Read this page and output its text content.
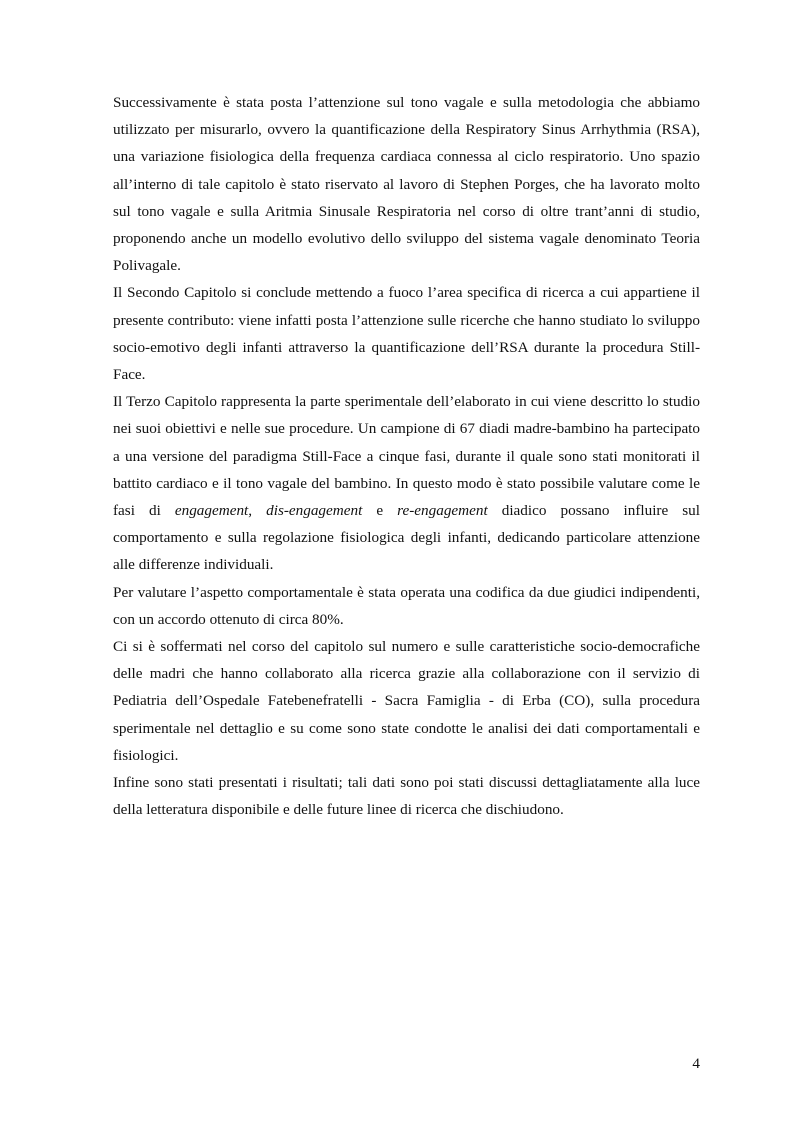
Successivamente è stata posta l’attenzione sul tono vagale e sulla metodologia che abbiamo utilizzato per misurarlo, ovvero la quantificazione della Respiratory Sinus Arrhythmia (RSA), una variazione fisiologica della frequenza cardiaca connessa al ciclo respiratorio. Uno spazio all’interno di tale capitolo è stato riservato al lavoro di Stephen Porges, che ha lavorato molto sul tono vagale e sulla Aritmia Sinusale Respiratoria nel corso di oltre trant’anni di studio, proponendo anche un modello evolutivo dello sviluppo del sistema vagale denominato Teoria Polivagale.

Il Secondo Capitolo si conclude mettendo a fuoco l’area specifica di ricerca a cui appartiene il presente contributo: viene infatti posta l’attenzione sulle ricerche che hanno studiato lo sviluppo socio-emotivo degli infanti attraverso la quantificazione dell’RSA durante la procedura Still-Face.

Il Terzo Capitolo rappresenta la parte sperimentale dell’elaborato in cui viene descritto lo studio nei suoi obiettivi e nelle sue procedure. Un campione di 67 diadi madre-bambino ha partecipato a una versione del paradigma Still-Face a cinque fasi, durante il quale sono stati monitorati il battito cardiaco e il tono vagale del bambino. In questo modo è stato possibile valutare come le fasi di engagement, dis-engagement e re-engagement diadico possano influire sul comportamento e sulla regolazione fisiologica degli infanti, dedicando particolare attenzione alle differenze individuali.

Per valutare l’aspetto comportamentale è stata operata una codifica da due giudici indipendenti, con un accordo ottenuto di circa 80%.

Ci si è soffermati nel corso del capitolo sul numero e sulle caratteristiche socio-democrafiche delle madri che hanno collaborato alla ricerca grazie alla collaborazione con il servizio di Pediatria dell’Ospedale Fatebenefratelli - Sacra Famiglia - di Erba (CO), sulla procedura sperimentale nel dettaglio e su come sono state condotte le analisi dei dati comportamentali e fisiologici.

Infine sono stati presentati i risultati; tali dati sono poi stati discussi dettagliatamente alla luce della letteratura disponibile e delle future linee di ricerca che dischiudono.

4
